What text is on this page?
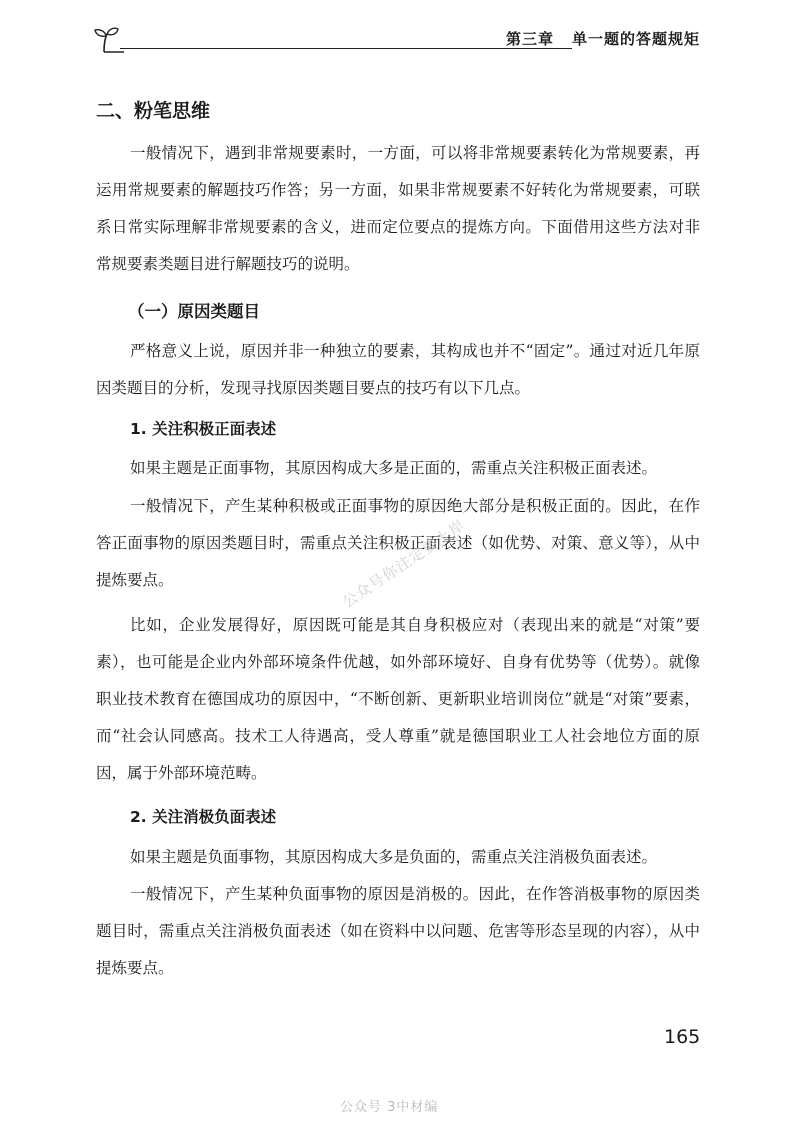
第三章 单一题的答题规矩
二、粉笔思维

一般情况下，遇到非常规要素时，一方面，可以将非常规要素转化为常规要素，再运用常规要素的解题技巧作答；另一方面，如果非常规要素不好转化为常规要素，可联系日常实际理解非常规要素的含义，进而定位要点的提炼方向。下面借用这些方法对非常规要素类题目进行解题技巧的说明。

（一）原因类题目

严格意义上说，原因并非一种独立的要素，其构成也并不“固定”。通过对近几年原因类题目的分析，发现寻找原因类题目要点的技巧有以下几点。

1. 关注积极正面表述

如果主题是正面事物，其原因构成大多是正面的，需重点关注积极正面表述。

一般情况下，产生某种积极或正面事物的原因绝大部分是积极正面的。因此，在作答正面事物的原因类题目时，需重点关注积极正面表述（如优势、对策、意义等），从中提炼要点。

比如，企业发展得好，原因既可能是其自身积极应对（表现出来的就是“对策”要素），也可能是企业内外部环境条件优越，如外部环境好、自身有优势等（优势）。就像职业技术教育在德国成功的原因中，“不断创新、更新职业培训岗位”就是“对策”要素，而“社会认同感高。技术工人待遇高，受人尊重”就是德国职业工人社会地位方面的原因，属于外部环境范畴。

2. 关注消极负面表述

如果主题是负面事物，其原因构成大多是负面的，需重点关注消极负面表述。

一般情况下，产生某种负面事物的原因是消极的。因此，在作答消极事物的原因类题目时，需重点关注消极负面表述（如在资料中以问题、危害等形态呈现的内容），从中提炼要点。

165
公众号你注定要上岸
公众号 3中材编
